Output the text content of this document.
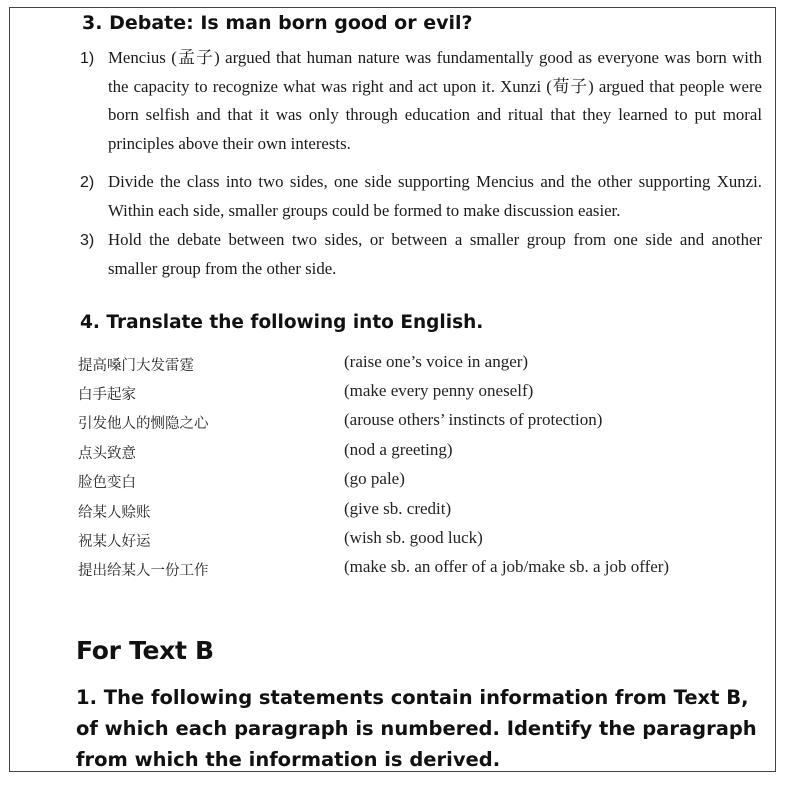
3. Debate: Is man born good or evil?
1) Mencius (孟子) argued that human nature was fundamentally good as everyone was born with the capacity to recognize what was right and act upon it. Xunzi (荀子) argued that people were born selfish and that it was only through education and ritual that they learned to put moral principles above their own interests.
2) Divide the class into two sides, one side supporting Mencius and the other supporting Xunzi. Within each side, smaller groups could be formed to make discussion easier.
3) Hold the debate between two sides, or between a smaller group from one side and another smaller group from the other side.
4. Translate the following into English.
提高嗓门大发雷霆	(raise one’s voice in anger)
白手起家	(make every penny oneself)
引发他人的恻隐之心	(arouse others’ instincts of protection)
点头致意	(nod a greeting)
脸色变白	(go pale)
给某人赊账	(give sb. credit)
祝某人好运	(wish sb. good luck)
提出给某人一份工作	(make sb. an offer of a job/make sb. a job offer)
For Text B
1. The following statements contain information from Text B, of which each paragraph is numbered. Identify the paragraph from which the information is derived.
